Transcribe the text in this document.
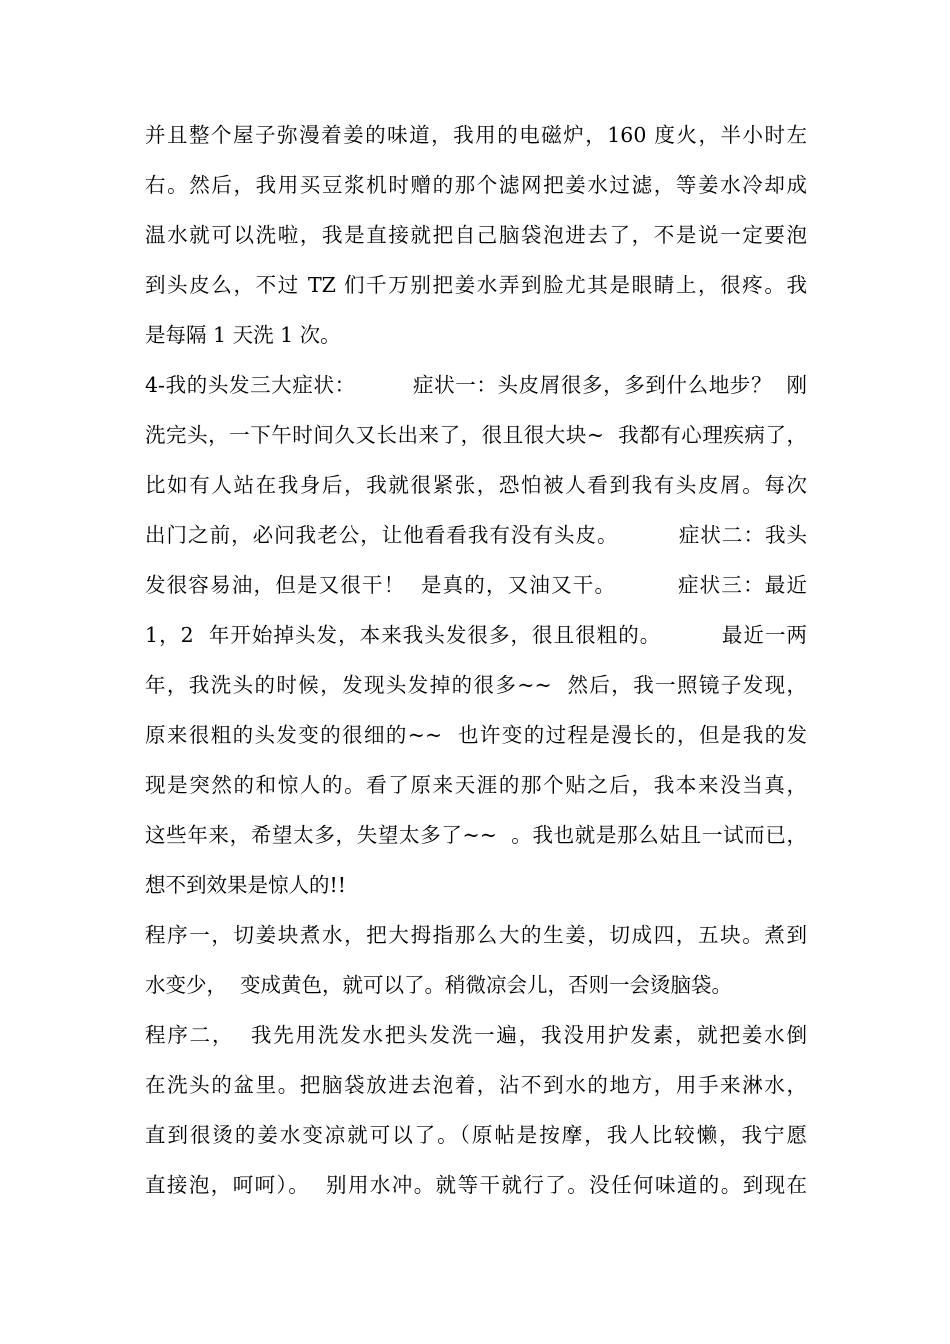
并且整个屋子弥漫着姜的味道，我用的电磁炉，160 度火，半小时左
右。然后，我用买豆浆机时赠的那个滤网把姜水过滤，等姜水冷却成
温水就可以洗啦，我是直接就把自己脑袋泡进去了，不是说一定要泡
到头皮么，不过 TZ 们千万别把姜水弄到脸尤其是眼睛上，很疼。我
是每隔 1 天洗 1 次。
4-我的头发三大症状：        症状一：头皮屑很多，多到什么地步？  刚
洗完头，一下午时间久又长出来了，很且很大块~  我都有心理疾病了，
比如有人站在我身后，我就很紧张，恐怕被人看到我有头皮屑。每次
出门之前，必问我老公，让他看看我有没有头皮。        症状二：我头
发很容易油，但是又很干！  是真的，又油又干。        症状三：最近
1，2  年开始掉头发，本来我头发很多，很且很粗的。        最近一两
年，我洗头的时候，发现头发掉的很多~~  然后，我一照镜子发现，
原来很粗的头发变的很细的~~  也许变的过程是漫长的，但是我的发
现是突然的和惊人的。看了原来天涯的那个贴之后，我本来没当真，
这些年来，希望太多，失望太多了~~  。我也就是那么姑且一试而已，
想不到效果是惊人的!!
程序一，切姜块煮水，把大拇指那么大的生姜，切成四，五块。煮到
水变少，  变成黄色，就可以了。稍微凉会儿，否则一会烫脑袋。
程序二，  我先用洗发水把头发洗一遍，我没用护发素，就把姜水倒
在洗头的盆里。把脑袋放进去泡着，沾不到水的地方，用手来淋水，
直到很烫的姜水变凉就可以了。（原帖是按摩，我人比较懒，我宁愿
直接泡，呵呵）。  别用水冲。就等干就行了。没任何味道的。到现在
